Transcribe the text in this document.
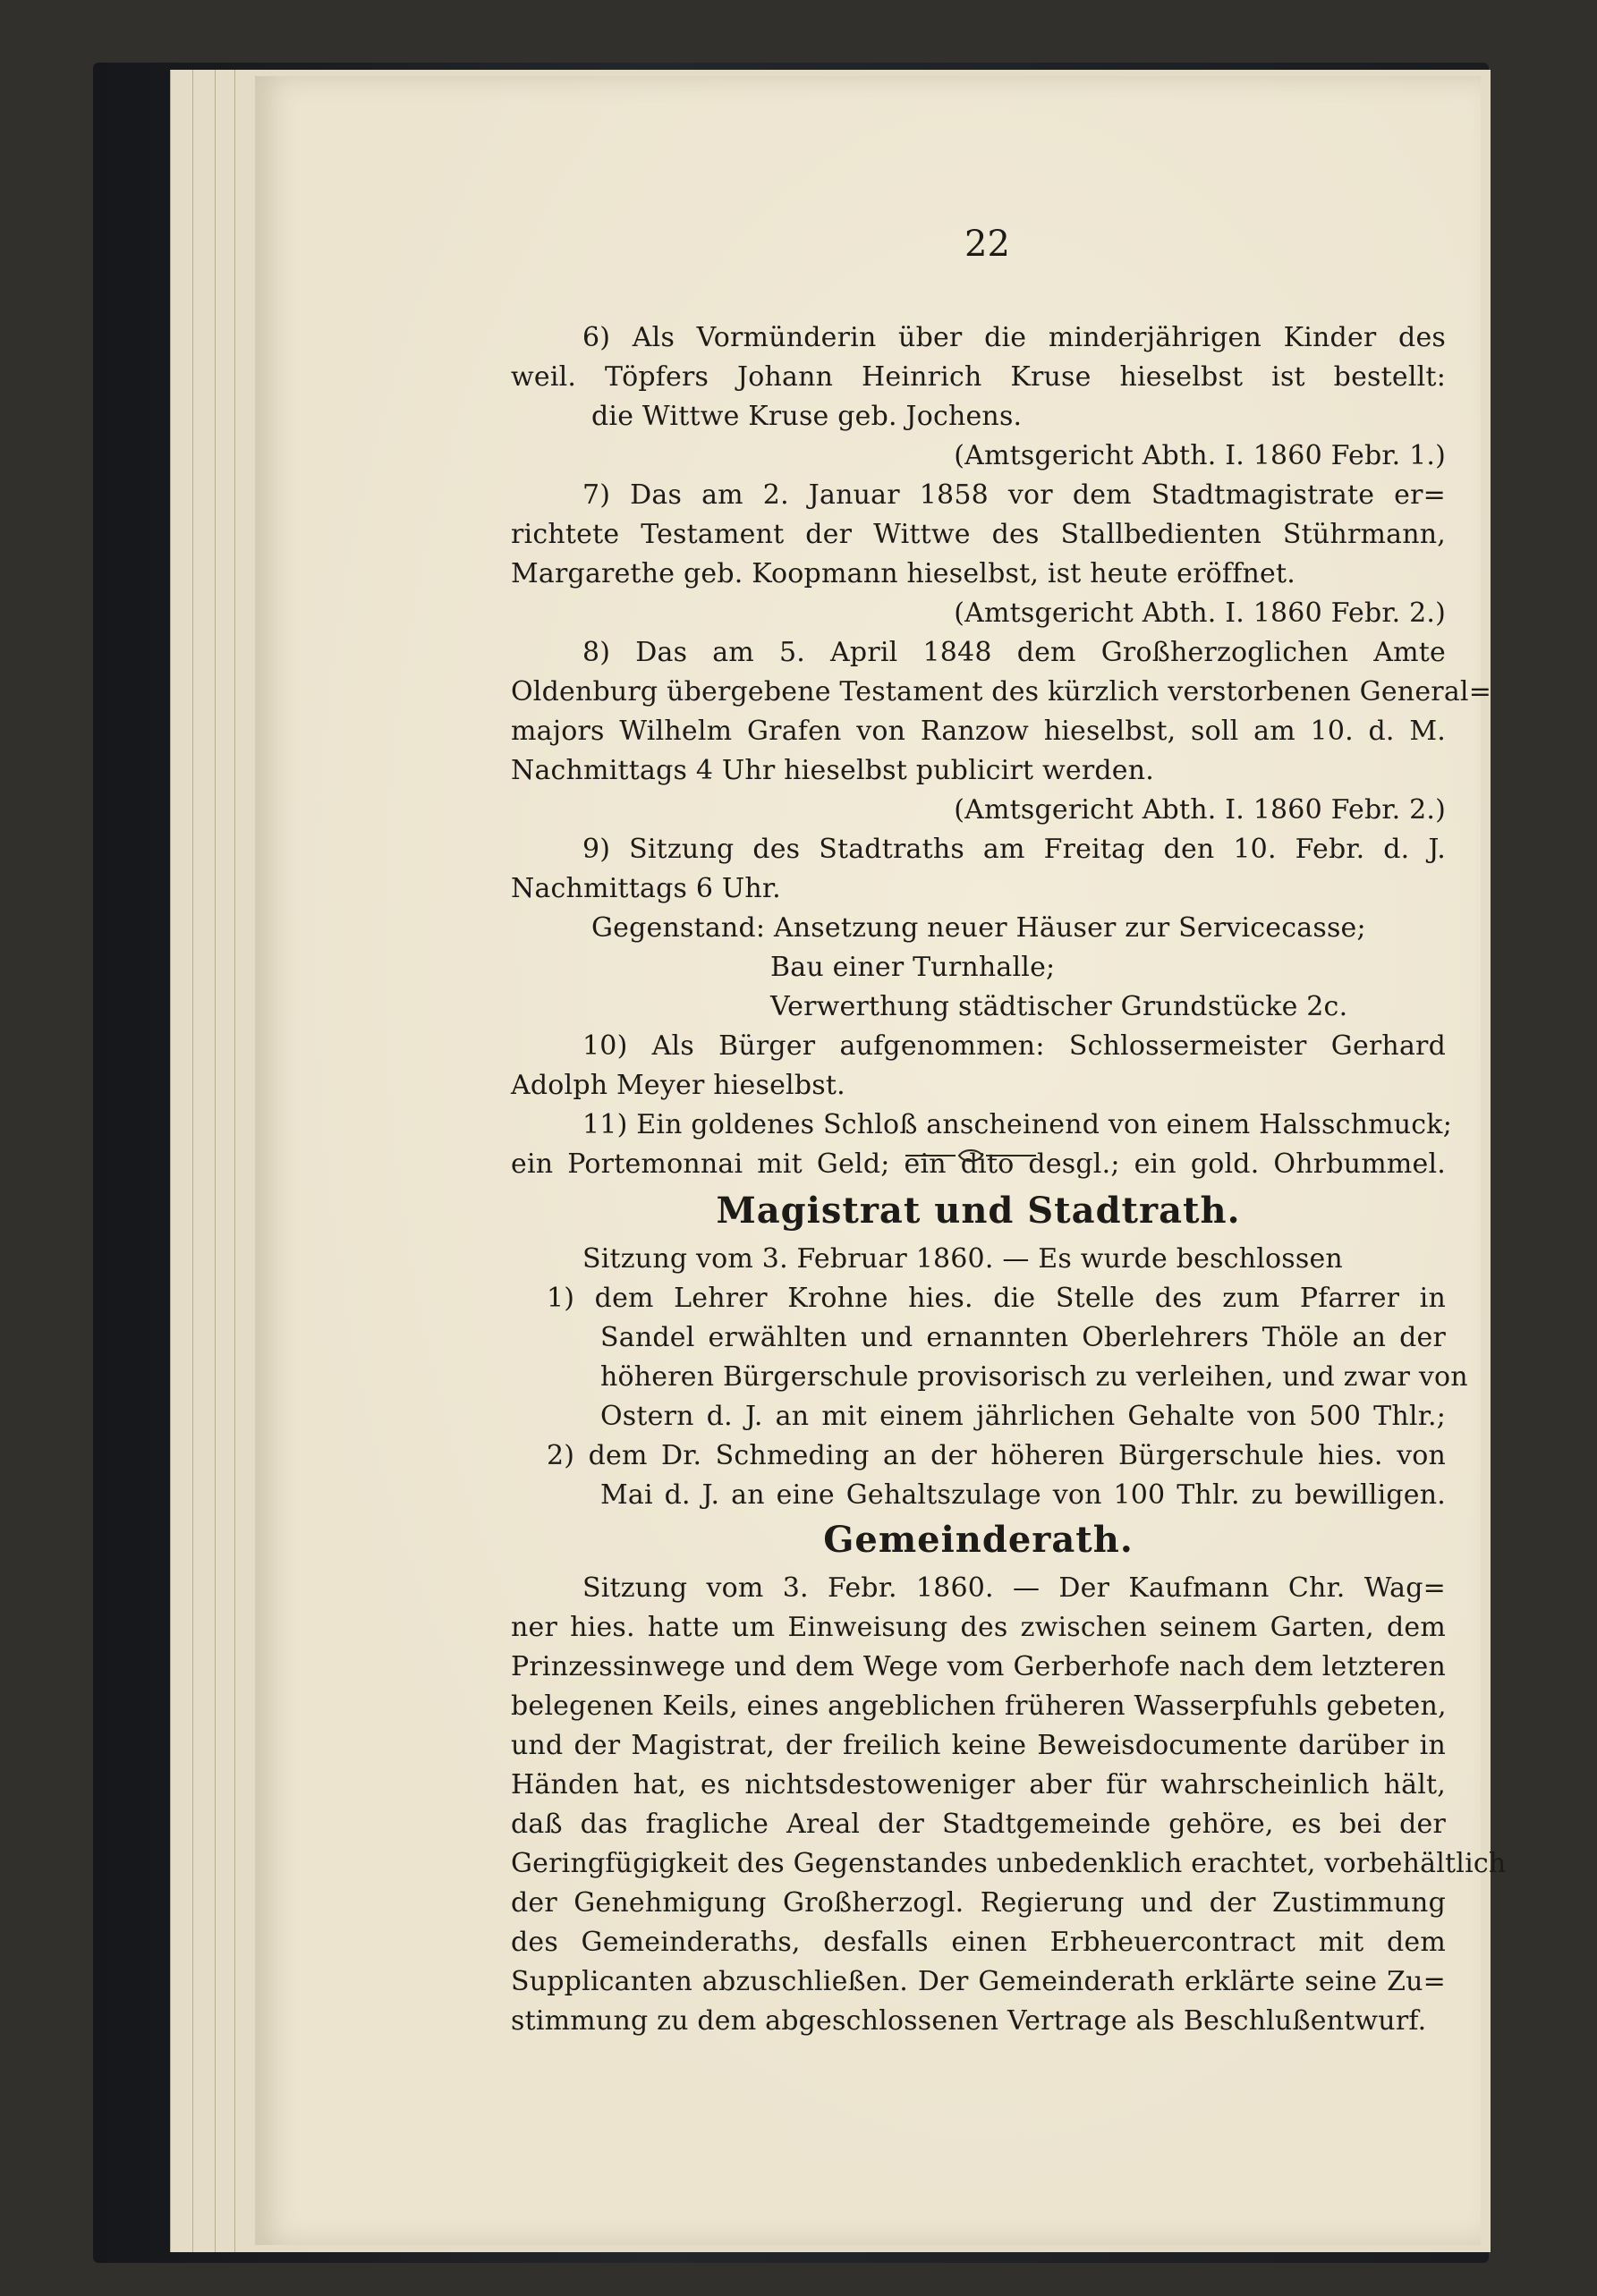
22
6) Als Vormünderin über die minderjährigen Kinder des
weil. Töpfers Johann Heinrich Kruse hieselbst ist bestellt:
die Wittwe Kruse geb. Jochens.
(Amtsgericht Abth. I. 1860 Febr. 1.)
7) Das am 2. Januar 1858 vor dem Stadtmagistrate er=
richtete Testament der Wittwe des Stallbedienten Stührmann,
Margarethe geb. Koopmann hieselbst, ist heute eröffnet.
(Amtsgericht Abth. I. 1860 Febr. 2.)
8) Das am 5. April 1848 dem Großherzoglichen Amte
Oldenburg übergebene Testament des kürzlich verstorbenen General=
majors Wilhelm Grafen von Ranzow hieselbst, soll am 10. d. M.
Nachmittags 4 Uhr hieselbst publicirt werden.
(Amtsgericht Abth. I. 1860 Febr. 2.)
9) Sitzung des Stadtraths am Freitag den 10. Febr. d. J.
Nachmittags 6 Uhr.
Gegenstand: Ansetzung neuer Häuser zur Servicecasse;
Bau einer Turnhalle;
Verwerthung städtischer Grundstücke 2c.
10) Als Bürger aufgenommen: Schlossermeister Gerhard
Adolph Meyer hieselbst.
11) Ein goldenes Schloß anscheinend von einem Halsschmuck;
ein Portemonnai mit Geld; ein dito desgl.; ein gold. Ohrbummel.
Magistrat und Stadtrath.
Sitzung vom 3. Februar 1860. — Es wurde beschlossen
1) dem Lehrer Krohne hies. die Stelle des zum Pfarrer in
Sandel erwählten und ernannten Oberlehrers Thöle an der
höheren Bürgerschule provisorisch zu verleihen, und zwar von
Ostern d. J. an mit einem jährlichen Gehalte von 500 Thlr.;
2) dem Dr. Schmeding an der höheren Bürgerschule hies. von
Mai d. J. an eine Gehaltszulage von 100 Thlr. zu bewilligen.
Gemeinderath.
Sitzung vom 3. Febr. 1860. — Der Kaufmann Chr. Wag=
ner hies. hatte um Einweisung des zwischen seinem Garten, dem
Prinzessinwege und dem Wege vom Gerberhofe nach dem letzteren
belegenen Keils, eines angeblichen früheren Wasserpfuhls gebeten,
und der Magistrat, der freilich keine Beweisdocumente darüber in
Händen hat, es nichtsdestoweniger aber für wahrscheinlich hält,
daß das fragliche Areal der Stadtgemeinde gehöre, es bei der
Geringfügigkeit des Gegenstandes unbedenklich erachtet, vorbehältlich
der Genehmigung Großherzogl. Regierung und der Zustimmung
des Gemeinderaths, desfalls einen Erbheuercontract mit dem
Supplicanten abzuschließen. Der Gemeinderath erklärte seine Zu=
stimmung zu dem abgeschlossenen Vertrage als Beschlußentwurf.
